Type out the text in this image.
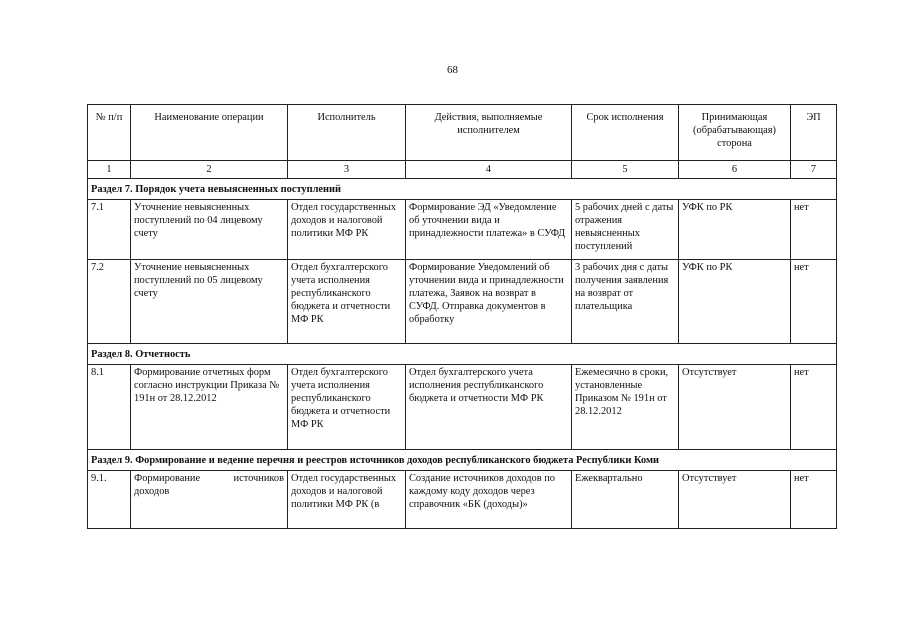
68
№ п/п	Наименование операции	Исполнитель	Действия, выполняемые исполнителем	Срок исполнения	Принимающая (обрабатывающая) сторона	ЭП
1	2	3	4	5	6	7
Раздел 7. Порядок учета невыясненных поступлений						
7.1	Уточнение невыясненных поступлений по 04 лицевому счету	Отдел государственных доходов и налоговой политики МФ РК	Формирование ЭД «Уведомление об уточнении вида и принадлежности платежа» в СУФД	5 рабочих дней с даты отражения невыясненных поступлений	УФК по РК	нет
7.2	Уточнение невыясненных поступлений по 05 лицевому счету	Отдел бухгалтерского учета исполнения республиканского бюджета и отчетности МФ РК	Формирование Уведомлений об уточнении вида и принадлежности платежа, Заявок на возврат в СУФД. Отправка документов в обработку	3 рабочих дня с даты получения заявления на возврат от плательщика	УФК по РК	нет
Раздел 8. Отчетность						
8.1	Формирование отчетных форм согласно инструкции Приказа № 191н от 28.12.2012	Отдел бухгалтерского учета исполнения республиканского бюджета и отчетности МФ РК	Отдел бухгалтерского учета исполнения республиканского бюджета и отчетности МФ РК	Ежемесячно в сроки, установленные Приказом № 191н от 28.12.2012	Отсутствует	нет
Раздел 9. Формирование и ведение перечня и реестров источников доходов республиканского бюджета Республики Коми						
9.1.	Формирование источников доходов	Отдел государственных доходов и налоговой политики МФ РК (в	Создание источников доходов по каждому коду доходов через справочник «БК (доходы)»	Ежеквартально	Отсутствует	нет
